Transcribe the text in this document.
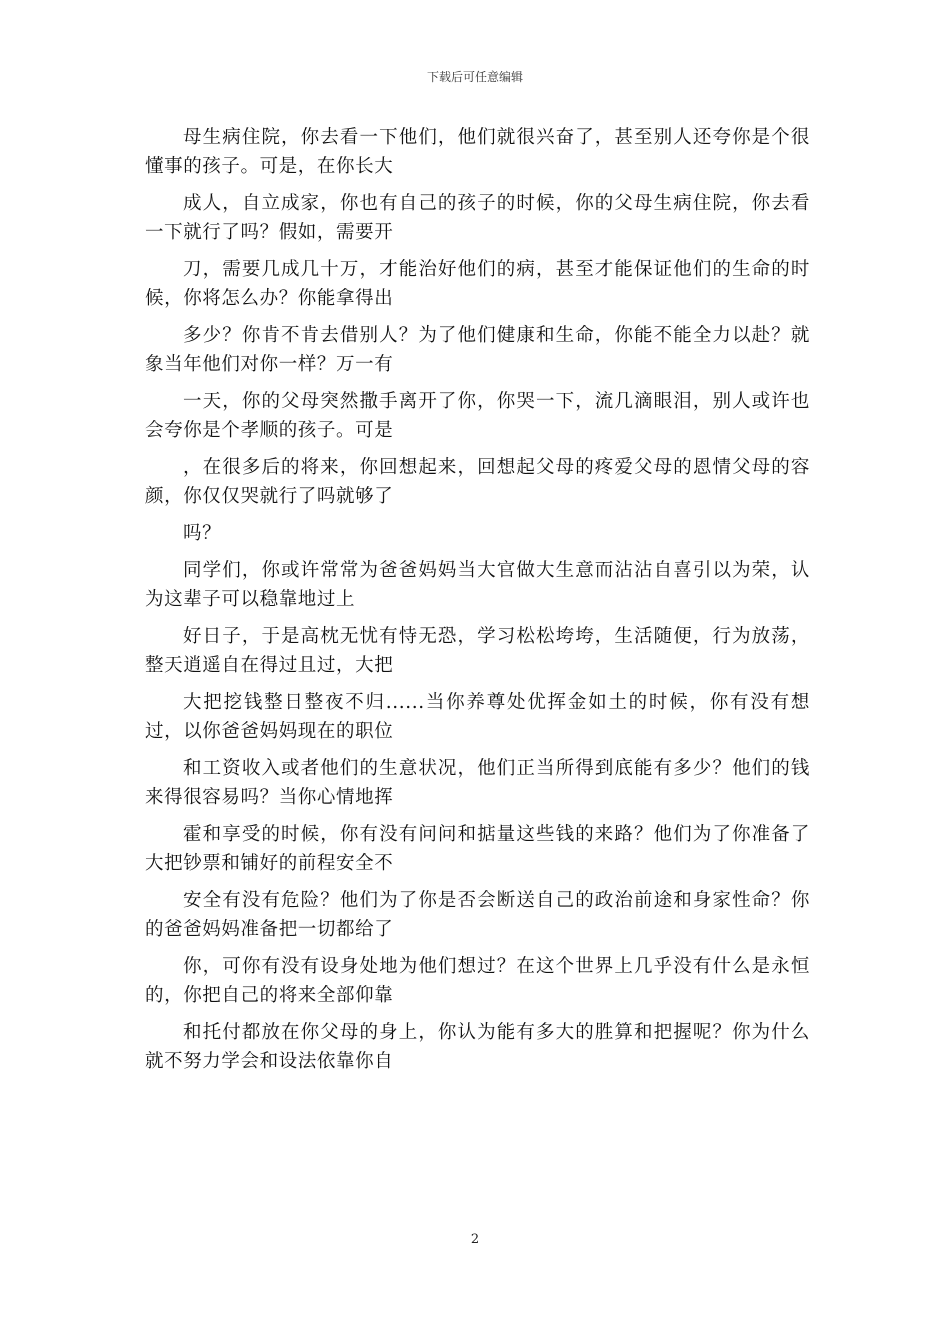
下载后可任意编辑

母生病住院，你去看一下他们，他们就很兴奋了，甚至别人还夸你是个很懂事的孩子。可是，在你长大

成人，自立成家，你也有自己的孩子的时候，你的父母生病住院，你去看一下就行了吗？假如，需要开

刀，需要几成几十万，才能治好他们的病，甚至才能保证他们的生命的时候，你将怎么办？你能拿得出

多少？你肯不肯去借别人？为了他们健康和生命，你能不能全力以赴？就象当年他们对你一样？万一有

一天，你的父母突然撒手离开了你，你哭一下，流几滴眼泪，别人或许也会夸你是个孝顺的孩子。可是

，在很多后的将来，你回想起来，回想起父母的疼爱父母的恩情父母的容颜，你仅仅哭就行了吗就够了

吗？

同学们，你或许常常为爸爸妈妈当大官做大生意而沾沾自喜引以为荣，认为这辈子可以稳靠地过上

好日子，于是高枕无忧有恃无恐，学习松松垮垮，生活随便，行为放荡，整天逍遥自在得过且过，大把

大把挖钱整日整夜不归......当你养尊处优挥金如土的时候，你有没有想过，以你爸爸妈妈现在的职位

和工资收入或者他们的生意状况，他们正当所得到底能有多少？他们的钱来得很容易吗？当你心情地挥

霍和享受的时候，你有没有问问和掂量这些钱的来路？他们为了你准备了大把钞票和铺好的前程安全不

安全有没有危险？他们为了你是否会断送自己的政治前途和身家性命？你的爸爸妈妈准备把一切都给了

你，可你有没有设身处地为他们想过？在这个世界上几乎没有什么是永恒的，你把自己的将来全部仰靠

和托付都放在你父母的身上，你认为能有多大的胜算和把握呢？你为什么就不努力学会和设法依靠你自

2
